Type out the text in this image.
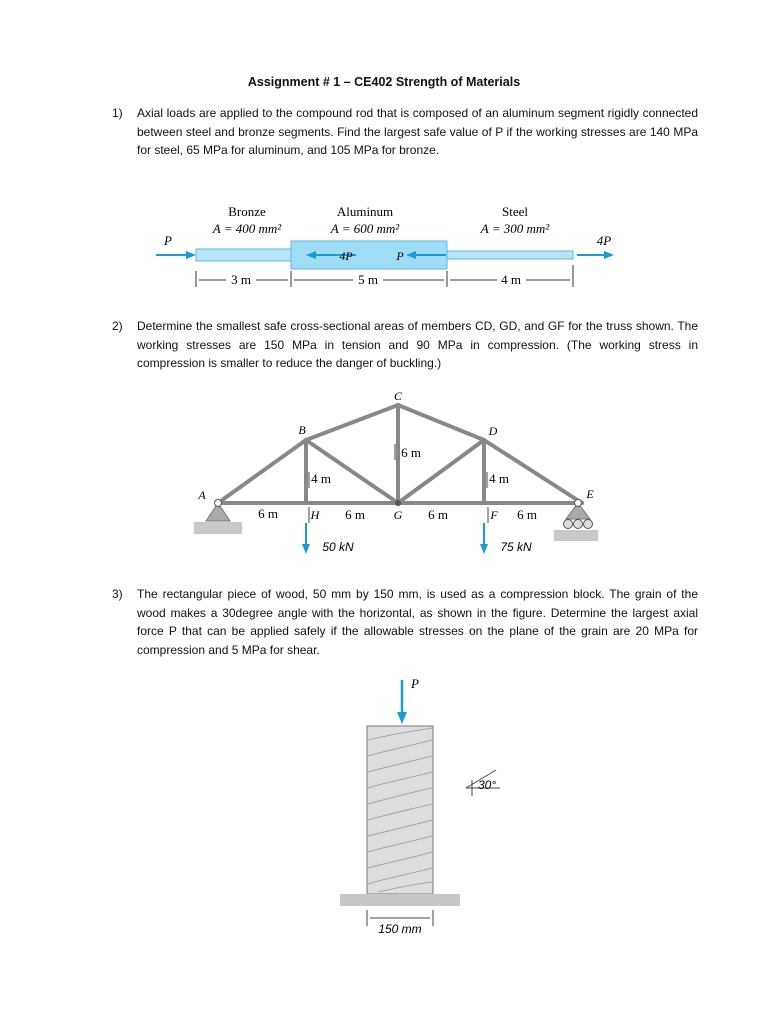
Assignment # 1 – CE402 Strength of Materials
1)	Axial loads are applied to the compound rod that is composed of an aluminum segment rigidly connected between steel and bronze segments. Find the largest safe value of P if the working stresses are 140 MPa for steel, 65 MPa for aluminum, and 105 MPa for bronze.
Bronze
A = 400 mm²
Aluminum
A = 600 mm²
Steel
A = 300 mm²
P	4P
4P	P
3 m	5 m	4 m
2)	Determine the smallest safe cross-sectional areas of members CD, GD, and GF for the truss shown. The working stresses are 150 MPa in tension and 90 MPa in compression. (The working stress in compression is smaller to reduce the danger of buckling.)
A
B
C
D
E
F
G
H
6 m	6 m	6 m	6 m
4 m
6 m
4 m
50 kN	75 kN
3)	The rectangular piece of wood, 50 mm by 150 mm, is used as a compression block. The grain of the wood makes a 30degree angle with the horizontal, as shown in the figure. Determine the largest axial force P that can be applied safely if the allowable stresses on the plane of the grain are 20 MPa for compression and 5 MPa for shear.
P
30°
150 mm
